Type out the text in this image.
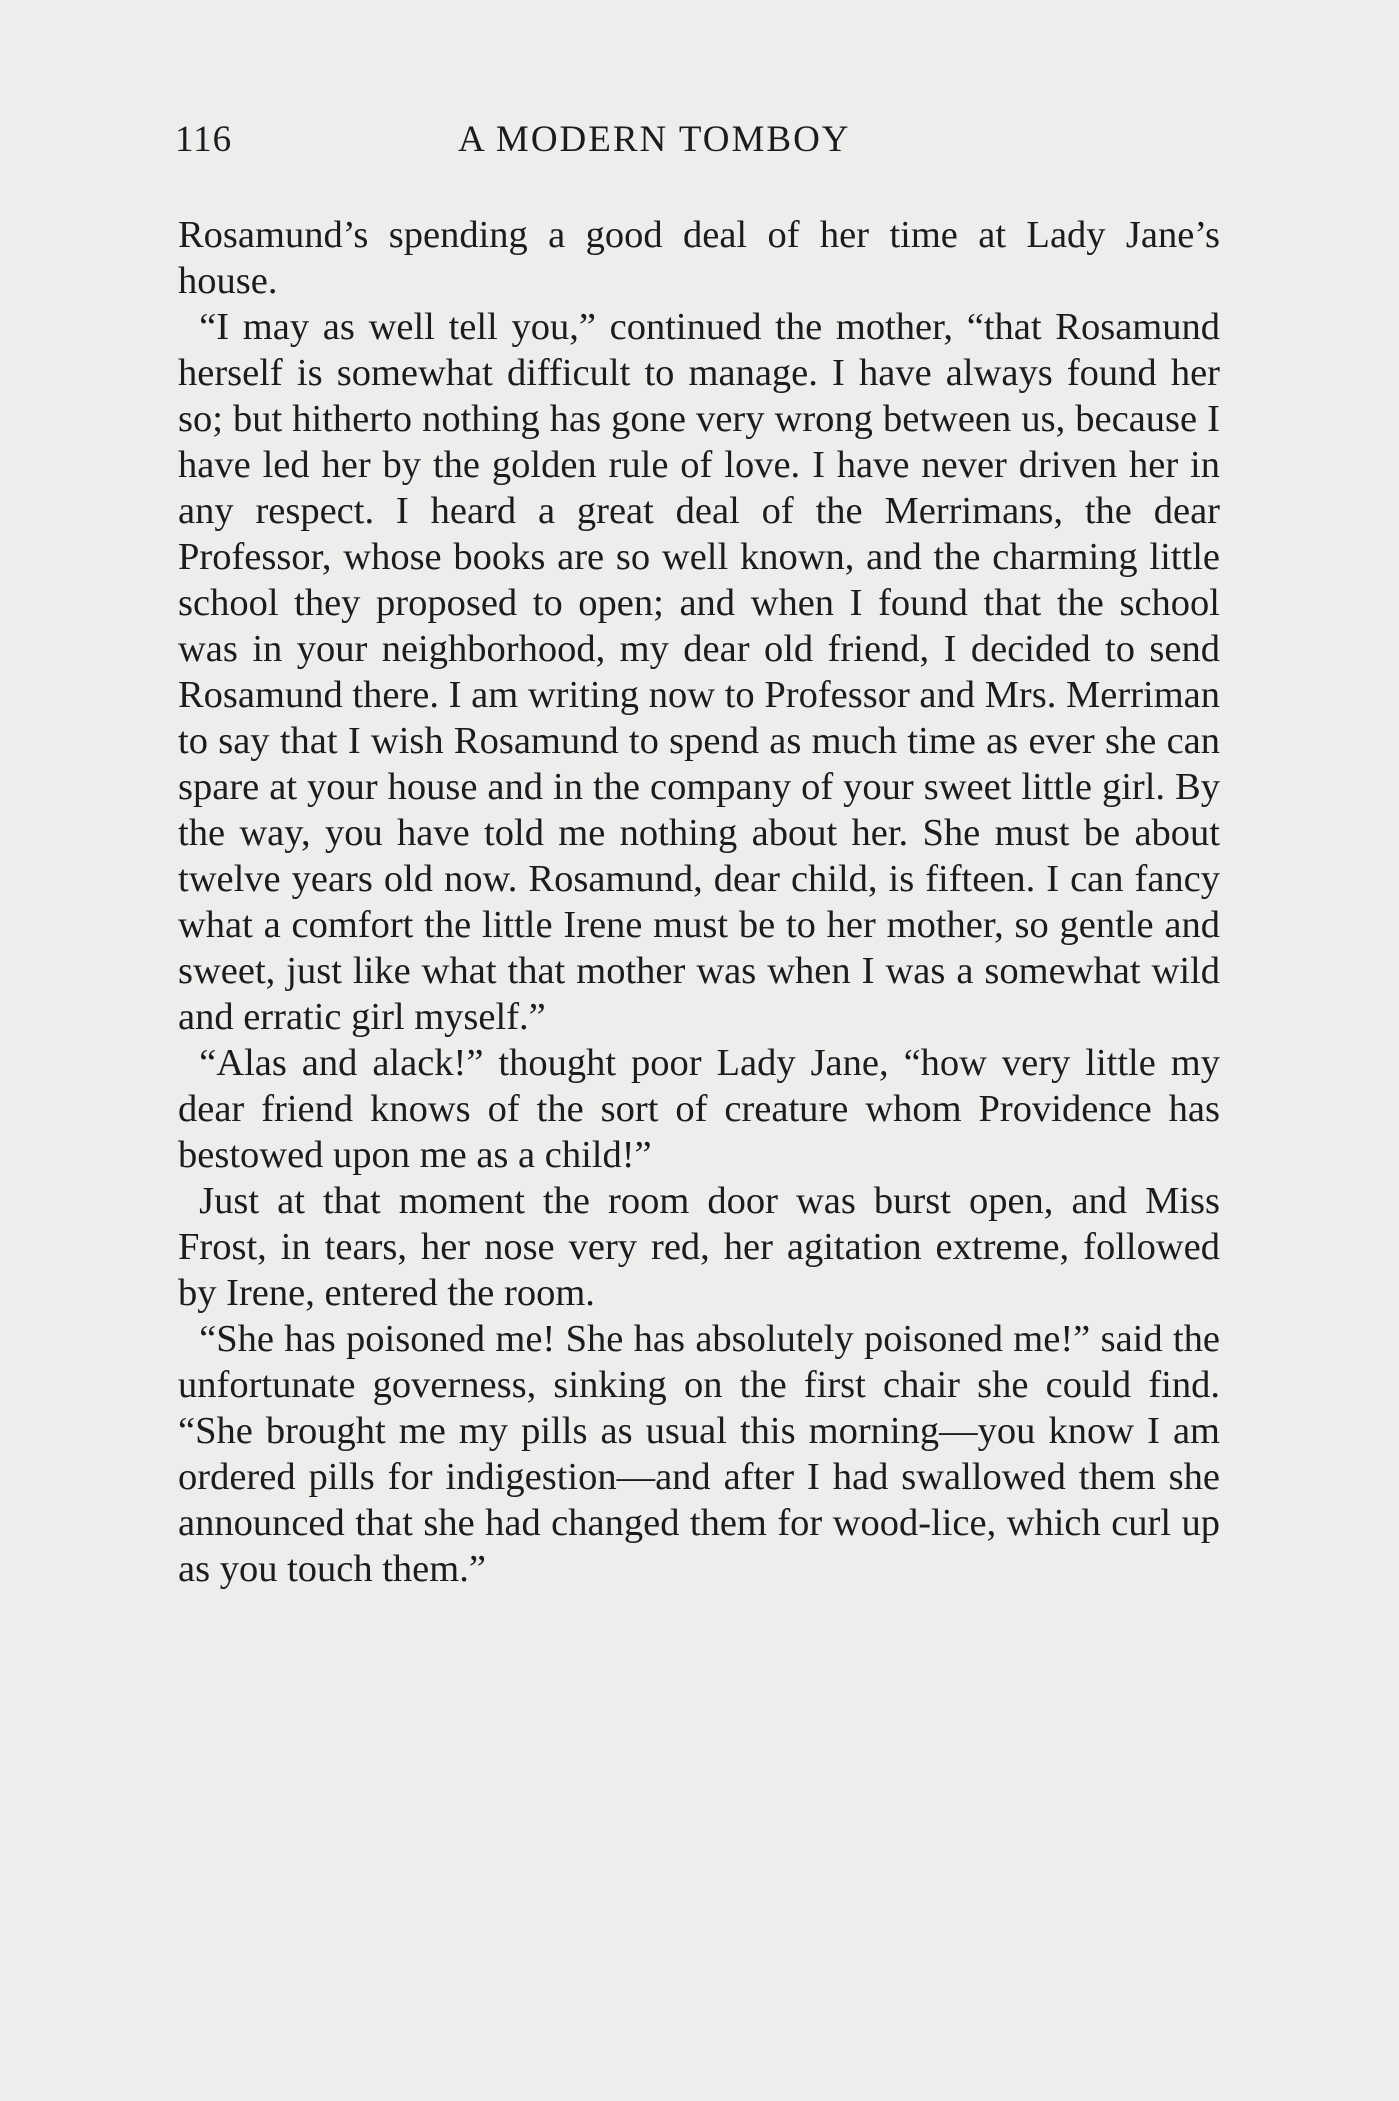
116	A MODERN TOMBOY

Rosamund’s spending a good deal of her time at Lady Jane’s house.

“I may as well tell you,” continued the mother, “that Rosamund herself is somewhat difficult to manage. I have always found her so; but hitherto nothing has gone very wrong between us, because I have led her by the golden rule of love. I have never driven her in any respect. I heard a great deal of the Merrimans, the dear Professor, whose books are so well known, and the charming little school they proposed to open; and when I found that the school was in your neighborhood, my dear old friend, I decided to send Rosamund there. I am writing now to Professor and Mrs. Merriman to say that I wish Rosamund to spend as much time as ever she can spare at your house and in the company of your sweet little girl. By the way, you have told me nothing about her. She must be about twelve years old now. Rosamund, dear child, is fifteen. I can fancy what a comfort the little Irene must be to her mother, so gentle and sweet, just like what that mother was when I was a somewhat wild and erratic girl myself.”

“Alas and alack!” thought poor Lady Jane, “how very little my dear friend knows of the sort of creature whom Providence has bestowed upon me as a child!”

Just at that moment the room door was burst open, and Miss Frost, in tears, her nose very red, her agitation extreme, followed by Irene, entered the room.

“She has poisoned me! She has absolutely poisoned me!” said the unfortunate governess, sinking on the first chair she could find. “She brought me my pills as usual this morning—you know I am ordered pills for indigestion—and after I had swallowed them she announced that she had changed them for wood-lice, which curl up as you touch them.”
